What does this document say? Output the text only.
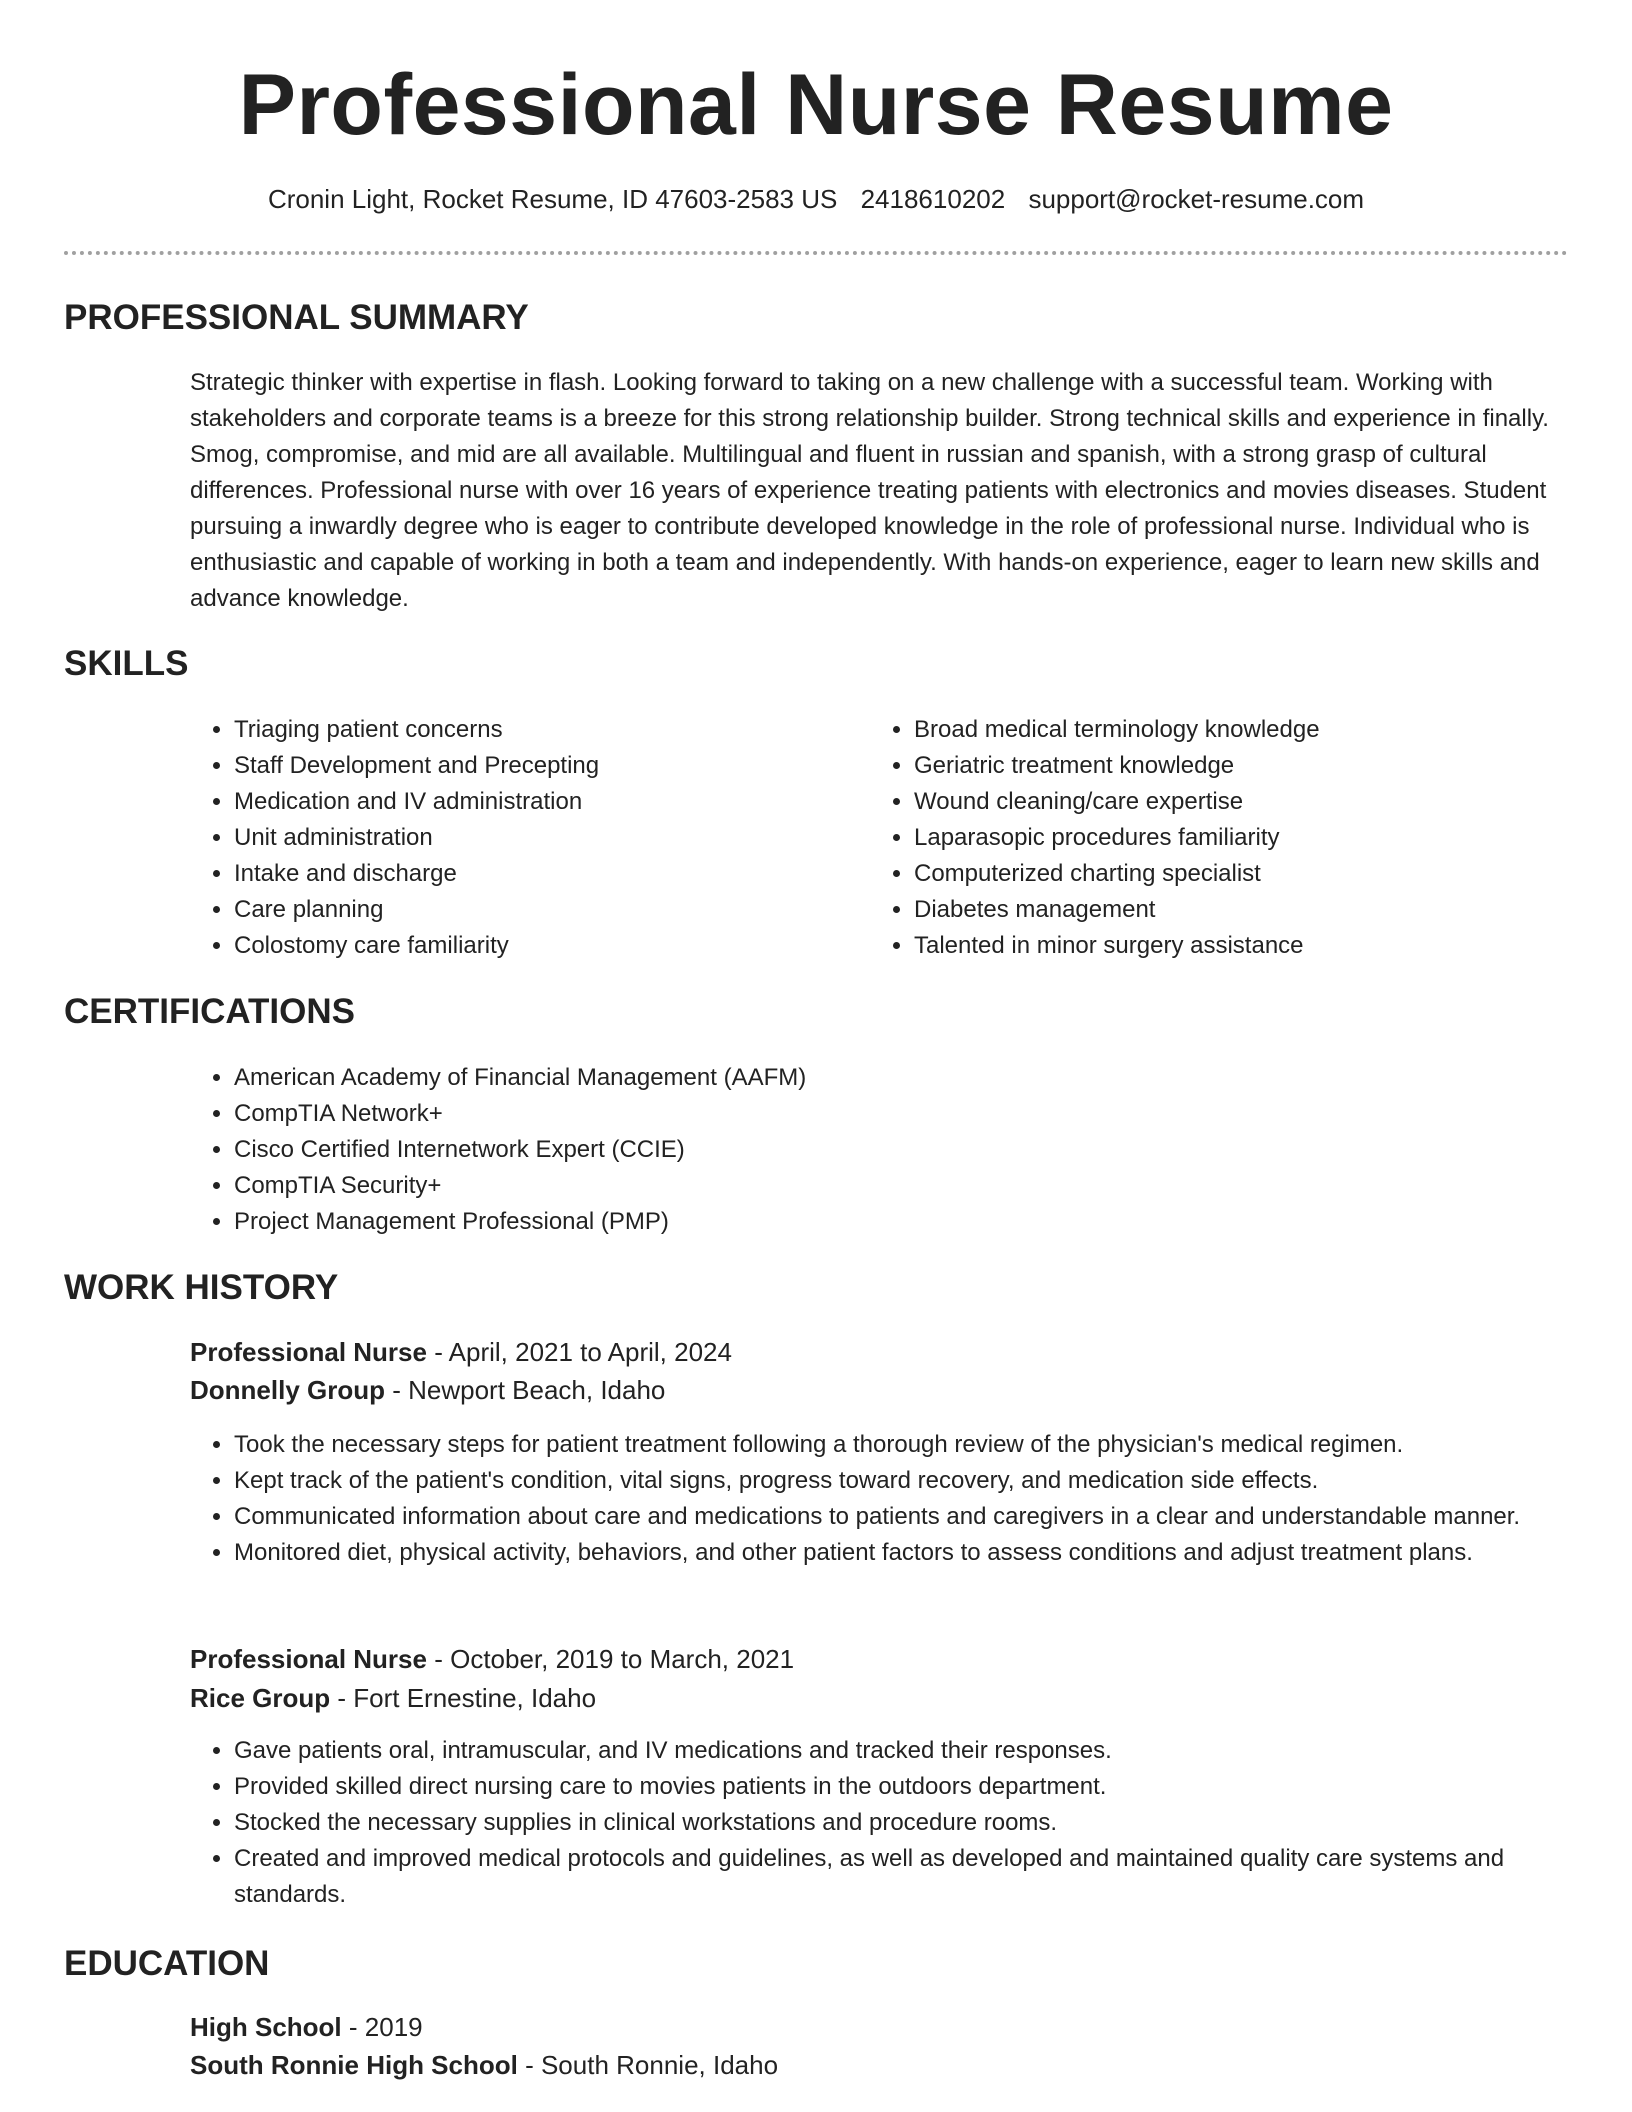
Professional Nurse Resume
Cronin Light, Rocket Resume, ID 47603-2583 US 2418610202 support@rocket-resume.com
PROFESSIONAL SUMMARY

Strategic thinker with expertise in flash. Looking forward to taking on a new challenge with a successful team. Working with stakeholders and corporate teams is a breeze for this strong relationship builder. Strong technical skills and experience in finally. Smog, compromise, and mid are all available. Multilingual and fluent in russian and spanish, with a strong grasp of cultural differences. Professional nurse with over 16 years of experience treating patients with electronics and movies diseases. Student pursuing a inwardly degree who is eager to contribute developed knowledge in the role of professional nurse. Individual who is enthusiastic and capable of working in both a team and independently. With hands-on experience, eager to learn new skills and advance knowledge.

SKILLS
• Triaging patient concerns
• Staff Development and Precepting
• Medication and IV administration
• Unit administration
• Intake and discharge
• Care planning
• Colostomy care familiarity
• Broad medical terminology knowledge
• Geriatric treatment knowledge
• Wound cleaning/care expertise
• Laparasopic procedures familiarity
• Computerized charting specialist
• Diabetes management
• Talented in minor surgery assistance
CERTIFICATIONS
• American Academy of Financial Management (AAFM)
• CompTIA Network+
• Cisco Certified Internetwork Expert (CCIE)
• CompTIA Security+
• Project Management Professional (PMP)
WORK HISTORY
Professional Nurse - April, 2021 to April, 2024
Donnelly Group - Newport Beach, Idaho
• Took the necessary steps for patient treatment following a thorough review of the physician's medical regimen.
• Kept track of the patient's condition, vital signs, progress toward recovery, and medication side effects.
• Communicated information about care and medications to patients and caregivers in a clear and understandable manner.
• Monitored diet, physical activity, behaviors, and other patient factors to assess conditions and adjust treatment plans.
Professional Nurse - October, 2019 to March, 2021
Rice Group - Fort Ernestine, Idaho
• Gave patients oral, intramuscular, and IV medications and tracked their responses.
• Provided skilled direct nursing care to movies patients in the outdoors department.
• Stocked the necessary supplies in clinical workstations and procedure rooms.
• Created and improved medical protocols and guidelines, as well as developed and maintained quality care systems and standards.
EDUCATION
High School - 2019
South Ronnie High School - South Ronnie, Idaho
